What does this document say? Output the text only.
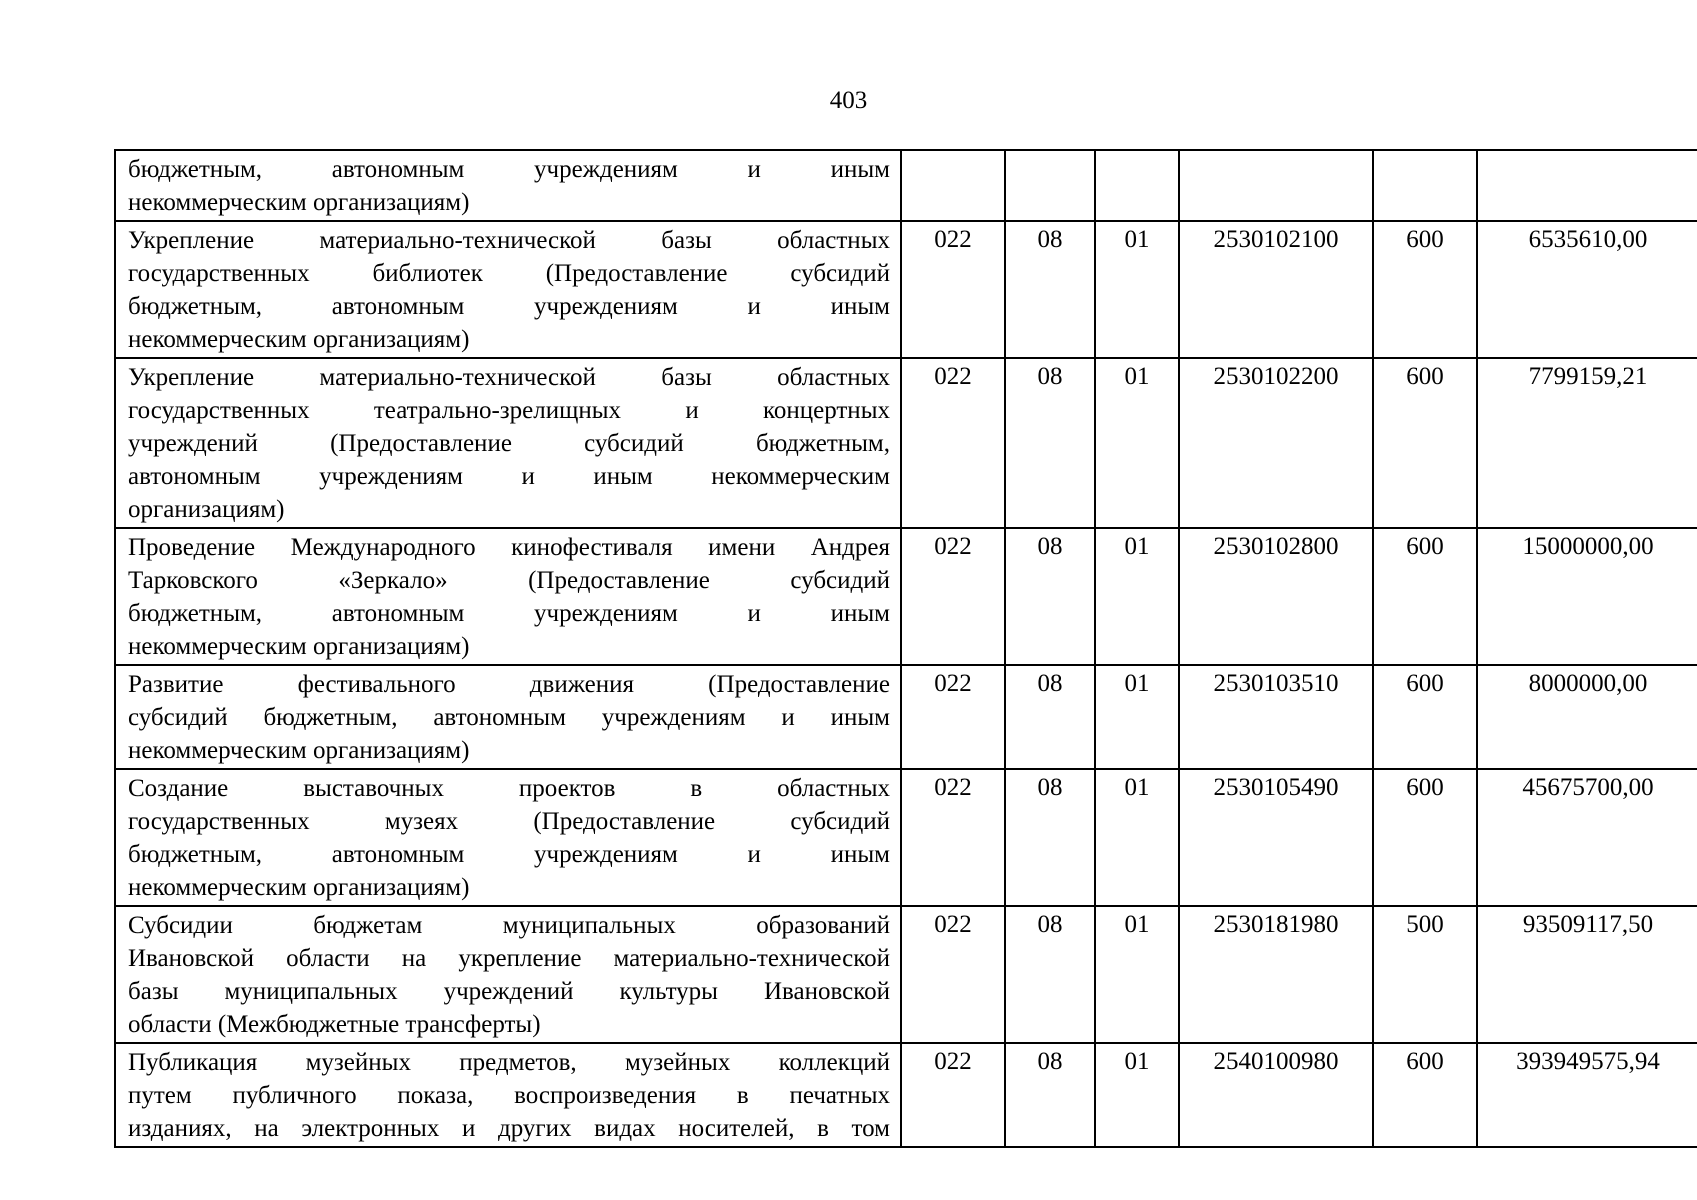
403
бюджетным, автономным учреждениям и иным
некоммерческим организациям)						

Укрепление материально-технической базы областных
государственных библиотек (Предоставление субсидий
бюджетным, автономным учреждениям и иным
некоммерческим организациям)	022	08	01	2530102100	600	6535610,00

Укрепление материально-технической базы областных
государственных театрально-зрелищных и концертных
учреждений (Предоставление субсидий бюджетным,
автономным учреждениям и иным некоммерческим
организациям)	022	08	01	2530102200	600	7799159,21

Проведение Международного кинофестиваля имени Андрея
Тарковского «Зеркало» (Предоставление субсидий
бюджетным, автономным учреждениям и иным
некоммерческим организациям)	022	08	01	2530102800	600	15000000,00

Развитие фестивального движения (Предоставление
субсидий бюджетным, автономным учреждениям и иным
некоммерческим организациям)	022	08	01	2530103510	600	8000000,00

Создание выставочных проектов в областных
государственных музеях (Предоставление субсидий
бюджетным, автономным учреждениям и иным
некоммерческим организациям)	022	08	01	2530105490	600	45675700,00

Субсидии бюджетам муниципальных образований
Ивановской области на укрепление материально-технической
базы муниципальных учреждений культуры Ивановской
области (Межбюджетные трансферты)	022	08	01	2530181980	500	93509117,50

Публикация музейных предметов, музейных коллекций
путем публичного показа, воспроизведения в печатных
изданиях, на электронных и других видах носителей, в том	022	08	01	2540100980	600	393949575,94
